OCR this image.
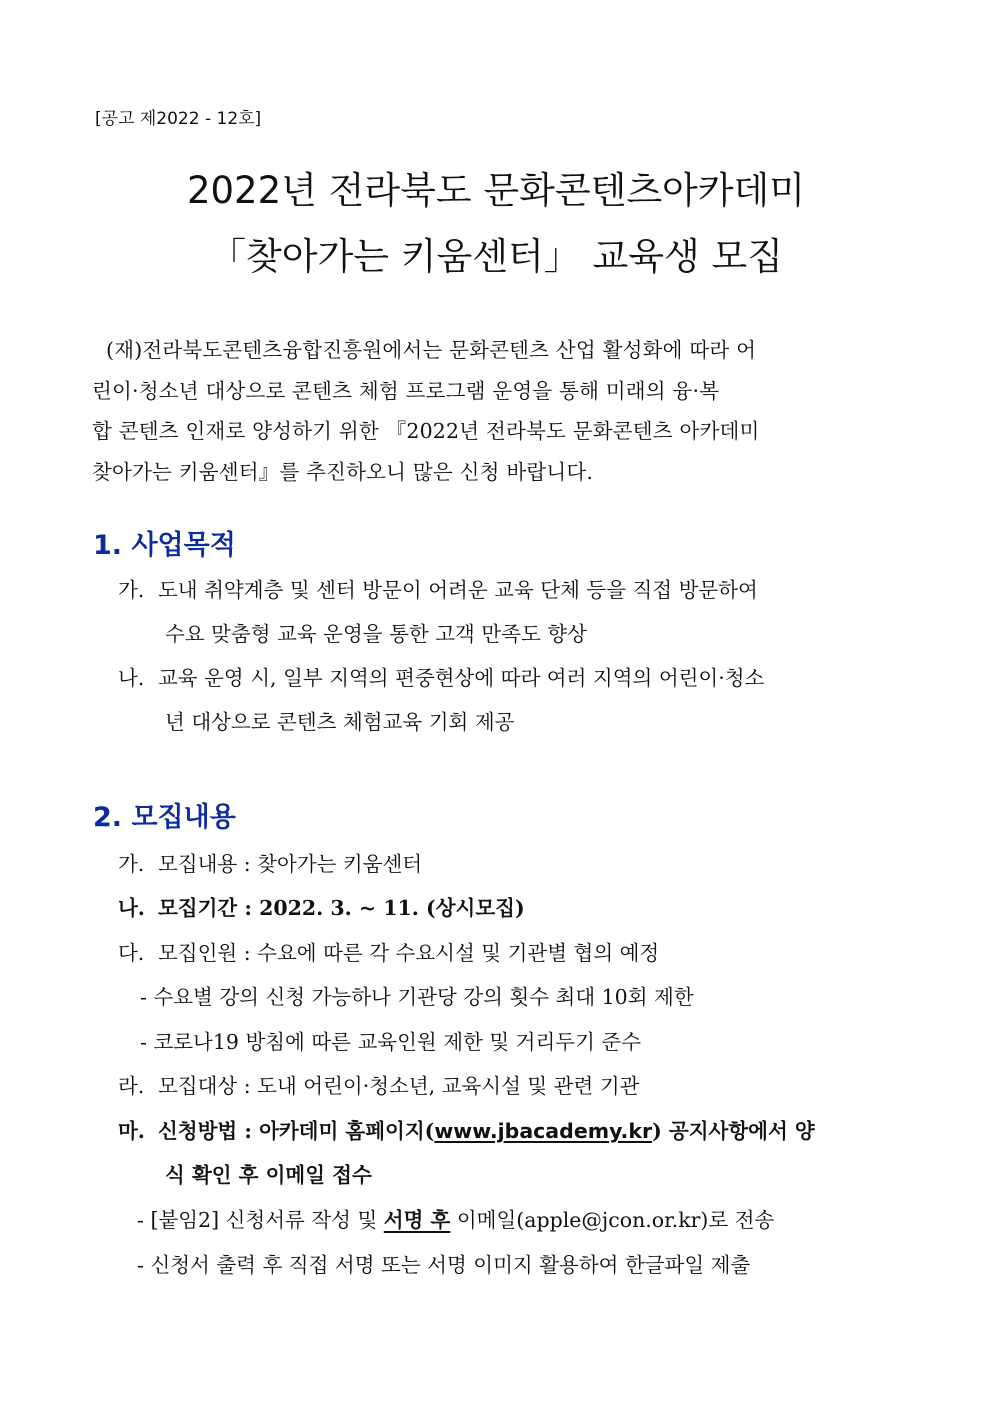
[공고 제2022 - 12호]
2022년 전라북도 문화콘텐츠아카데미
「찾아가는 키움센터」 교육생 모집

(재)전라북도콘텐츠융합진흥원에서는 문화콘텐츠 산업 활성화에 따라 어

린이·청소년 대상으로 콘텐츠 체험 프로그램 운영을 통해 미래의 융·복

합 콘텐츠 인재로 양성하기 위한 『2022년 전라북도 문화콘텐츠 아카데미

찾아가는 키움센터』를 추진하오니 많은 신청 바랍니다.

1. 사업목적
가. 도내 취약계층 및 센터 방문이 어려운 교육 단체 등을 직접 방문하여
수요 맞춤형 교육 운영을 통한 고객 만족도 향상
나. 교육 운영 시, 일부 지역의 편중현상에 따라 여러 지역의 어린이·청소
년 대상으로 콘텐츠 체험교육 기회 제공
2. 모집내용
가. 모집내용 : 찾아가는 키움센터
나. 모집기간 : 2022. 3. ~ 11. (상시모집)
다. 모집인원 : 수요에 따른 각 수요시설 및 기관별 협의 예정
- 수요별 강의 신청 가능하나 기관당 강의 횟수 최대 10회 제한
- 코로나19 방침에 따른 교육인원 제한 및 거리두기 준수
라. 모집대상 : 도내 어린이·청소년, 교육시설 및 관련 기관
마. 신청방법 : 아카데미 홈페이지(www.jbacademy.kr) 공지사항에서 양
식 확인 후 이메일 접수
- [붙임2] 신청서류 작성 및 서명 후 이메일(apple@jcon.or.kr)로 전송
- 신청서 출력 후 직접 서명 또는 서명 이미지 활용하여 한글파일 제출
